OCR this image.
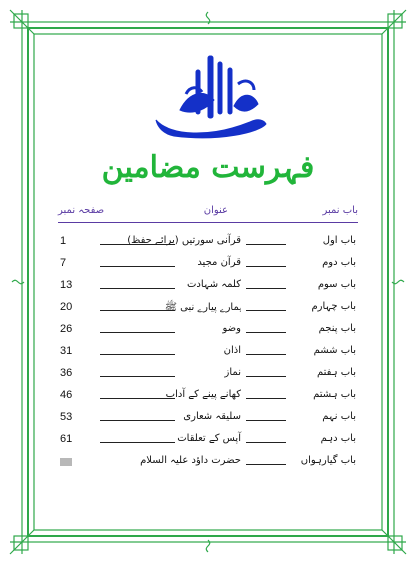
فہرست مضامین
باب نمبر
عنوان
صفحہ نمبر
باب اول
قرآنی سورتیں (برائے حفظ)
1
باب دوم
قرآن مجید
7
باب سوم
کلمہ شہادت
13
باب چہارم
ہمارے پیارے نبی ﷺ
20
باب پنجم
وضو
26
باب ششم
اذان
31
باب ہفتم
نماز
36
باب ہشتم
کھانے پینے کے آداب
46
باب نہم
سلیقہ شعاری
53
باب دہم
آپس کے تعلقات
61
باب گیارہواں
حضرت داؤد علیہ السلام
